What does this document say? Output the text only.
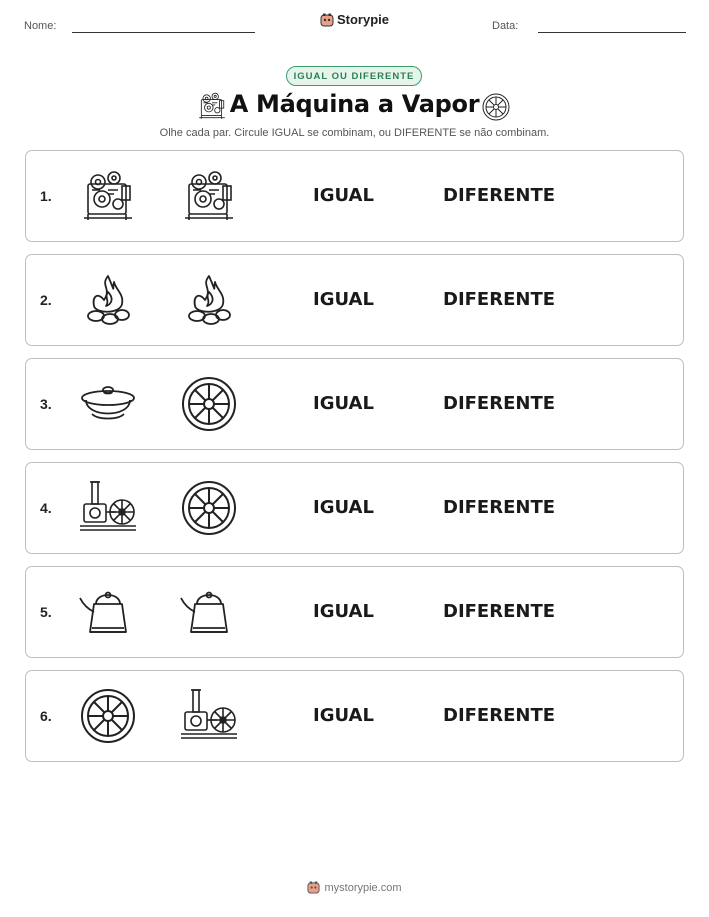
Nome:	Storypie	Data:
IGUAL OU DIFERENTE
A Máquina a Vapor
Olhe cada par. Circule IGUAL se combinam, ou DIFERENTE se não combinam.
1.	IGUAL	DIFERENTE
2.	IGUAL	DIFERENTE
3.	IGUAL	DIFERENTE
4.	IGUAL	DIFERENTE
5.	IGUAL	DIFERENTE
6.	IGUAL	DIFERENTE
mystorypie.com
